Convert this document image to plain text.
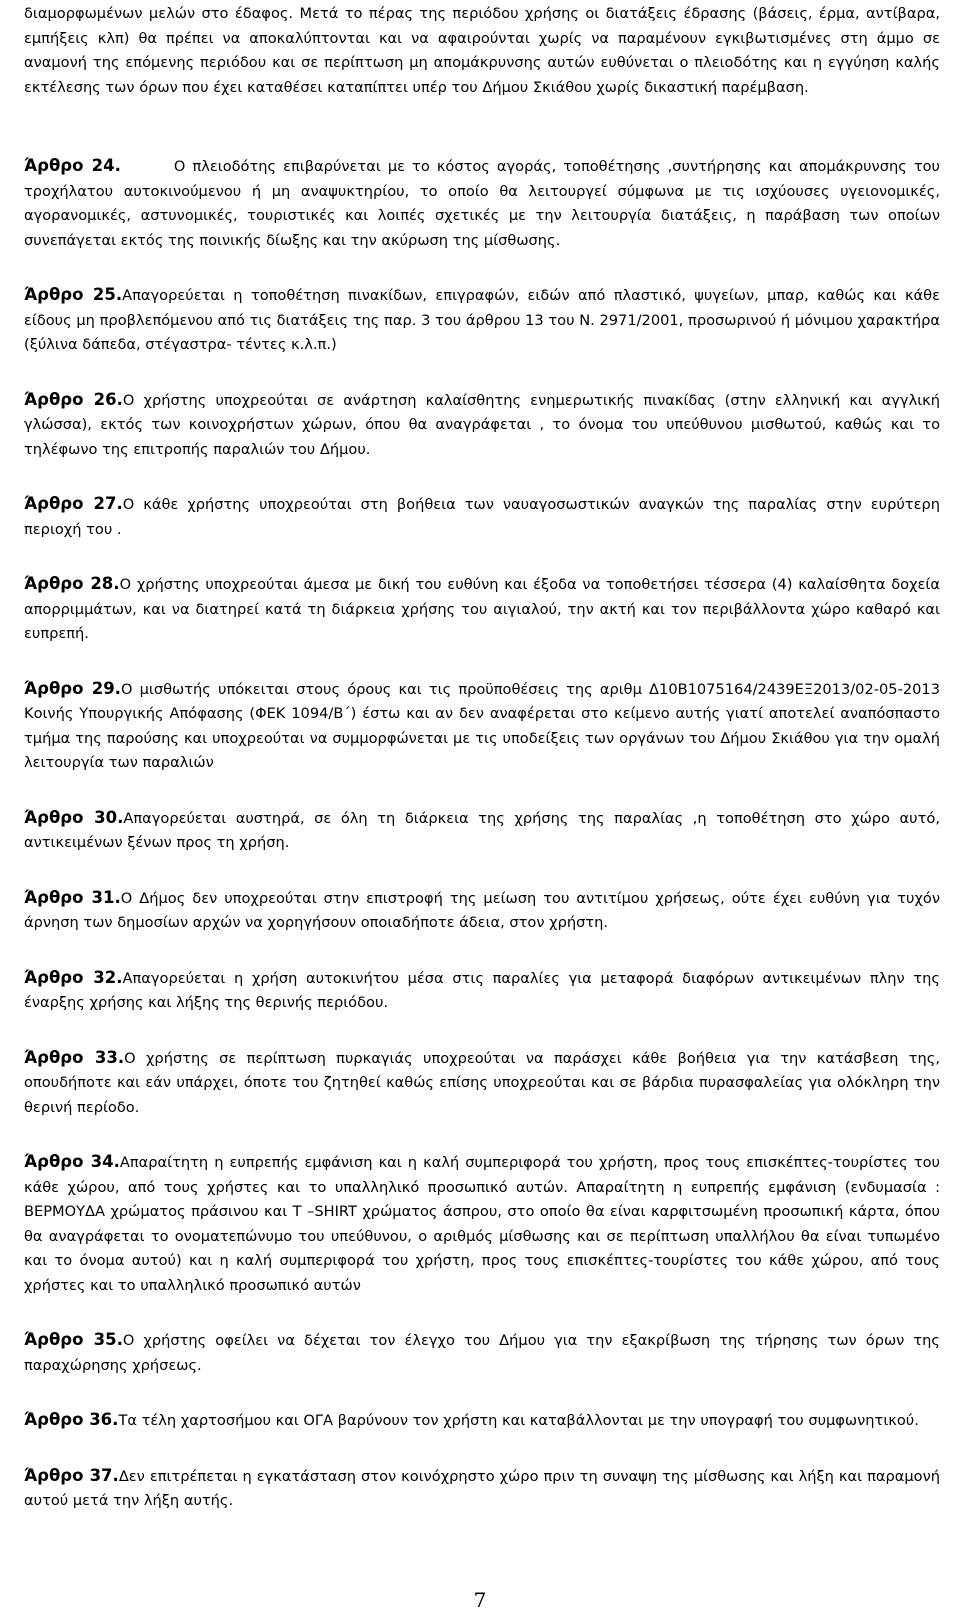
διαμορφωμένων μελών στο έδαφος. Μετά το πέρας της περιόδου χρήσης οι διατάξεις έδρασης (βάσεις, έρμα, αντίβαρα, εμπήξεις κλπ) θα πρέπει να αποκαλύπτονται και να αφαιρούνται χωρίς να παραμένουν εγκιβωτισμένες στη άμμο σε αναμονή της επόμενης περιόδου και σε περίπτωση μη απομάκρυνσης αυτών ευθύνεται ο πλειοδότης και η εγγύηση καλής εκτέλεσης των όρων που έχει καταθέσει καταπίπτει υπέρ του Δήμου Σκιάθου χωρίς δικαστική παρέμβαση.

Άρθρο 24.	Ο πλειοδότης επιβαρύνεται με το κόστος αγοράς, τοποθέτησης ,συντήρησης και απομάκρυνσης του τροχήλατου αυτοκινούμενου ή μη αναψυκτηρίου, το οποίο θα λειτουργεί σύμφωνα με τις ισχύουσες υγειονομικές, αγορανομικές, αστυνομικές, τουριστικές και λοιπές σχετικές με την λειτουργία διατάξεις, η παράβαση των οποίων συνεπάγεται εκτός της ποινικής δίωξης και την ακύρωση της μίσθωσης.
Άρθρο 25.Απαγορεύεται η τοποθέτηση πινακίδων, επιγραφών, ειδών από πλαστικό, ψυγείων, μπαρ, καθώς και κάθε είδους μη προβλεπόμενου από τις διατάξεις της παρ. 3 του άρθρου 13 του Ν. 2971/2001, προσωρινού ή μόνιμου χαρακτήρα (ξύλινα δάπεδα, στέγαστρα- τέντες κ.λ.π.)
Άρθρο 26.Ο χρήστης υποχρεούται σε ανάρτηση καλαίσθητης ενημερωτικής πινακίδας (στην ελληνική και αγγλική γλώσσα), εκτός των κοινοχρήστων χώρων, όπου θα αναγράφεται , το όνομα του υπεύθυνου μισθωτού, καθώς και το τηλέφωνο της επιτροπής παραλιών του Δήμου.
Άρθρο 27.Ο κάθε χρήστης υποχρεούται στη βοήθεια των ναυαγοσωστικών αναγκών της παραλίας στην ευρύτερη περιοχή του .
Άρθρο 28.Ο χρήστης υποχρεούται άμεσα με δική του ευθύνη και έξοδα να τοποθετήσει τέσσερα (4) καλαίσθητα δοχεία απορριμμάτων, και να διατηρεί κατά τη διάρκεια χρήσης του αιγιαλού, την ακτή και τον περιβάλλοντα χώρο καθαρό και ευπρεπή.
Άρθρο 29.Ο μισθωτής υπόκειται στους όρους και τις προϋποθέσεις της αριθμ Δ10Β1075164/2439ΕΞ2013/02-05-2013 Κοινής Υπουργικής Απόφασης (ΦΕΚ 1094/Β΄) έστω και αν δεν αναφέρεται στο κείμενο αυτής γιατί αποτελεί αναπόσπαστο τμήμα της παρούσης και υποχρεούται να συμμορφώνεται με τις υποδείξεις των οργάνων του Δήμου Σκιάθου για την ομαλή λειτουργία των παραλιών
Άρθρο 30.Απαγορεύεται αυστηρά, σε όλη τη διάρκεια της χρήσης της παραλίας ,η τοποθέτηση στο χώρο αυτό, αντικειμένων ξένων προς τη χρήση.
Άρθρο 31.Ο Δήμος δεν υποχρεούται στην επιστροφή της μείωση του αντιτίμου χρήσεως, ούτε έχει ευθύνη για τυχόν άρνηση των δημοσίων αρχών να χορηγήσουν οποιαδήποτε άδεια, στον χρήστη.
Άρθρο 32.Απαγορεύεται η χρήση αυτοκινήτου μέσα στις παραλίες για μεταφορά διαφόρων αντικειμένων πλην της έναρξης χρήσης και λήξης της θερινής περιόδου.
Άρθρο 33.Ο χρήστης σε περίπτωση πυρκαγιάς υποχρεούται να παράσχει κάθε βοήθεια για την κατάσβεση της, οπουδήποτε και εάν υπάρχει, όποτε του ζητηθεί καθώς επίσης υποχρεούται και σε βάρδια πυρασφαλείας για ολόκληρη την θερινή περίοδο.
Άρθρο 34.Απαραίτητη η ευπρεπής εμφάνιση και η καλή συμπεριφορά του χρήστη, προς τους επισκέπτες-τουρίστες του κάθε χώρου, από τους χρήστες και το υπαλληλικό προσωπικό αυτών. Απαραίτητη η ευπρεπής εμφάνιση (ενδυμασία : ΒΕΡΜΟΥΔΑ χρώματος πράσινου και Τ –SHIRT χρώματος άσπρου, στο οποίο θα είναι καρφιτσωμένη προσωπική κάρτα, όπου θα αναγράφεται το ονοματεπώνυμο του υπεύθυνου, ο αριθμός μίσθωσης και σε περίπτωση υπαλλήλου θα είναι τυπωμένο και το όνομα αυτού) και η καλή συμπεριφορά του χρήστη, προς τους επισκέπτες-τουρίστες του κάθε χώρου, από τους χρήστες και το υπαλληλικό προσωπικό αυτών
Άρθρο 35.Ο χρήστης οφείλει να δέχεται τον έλεγχο του Δήμου για την εξακρίβωση της τήρησης των όρων της παραχώρησης χρήσεως.
Άρθρο 36.Τα τέλη χαρτοσήμου και ΟΓΑ βαρύνουν τον χρήστη και καταβάλλονται με την υπογραφή του συμφωνητικού.
Άρθρο 37.Δεν επιτρέπεται η εγκατάσταση στον κοινόχρηστο χώρο πριν τη συναψη της μίσθωσης και λήξη και παραμονή αυτού μετά την λήξη αυτής.
7
